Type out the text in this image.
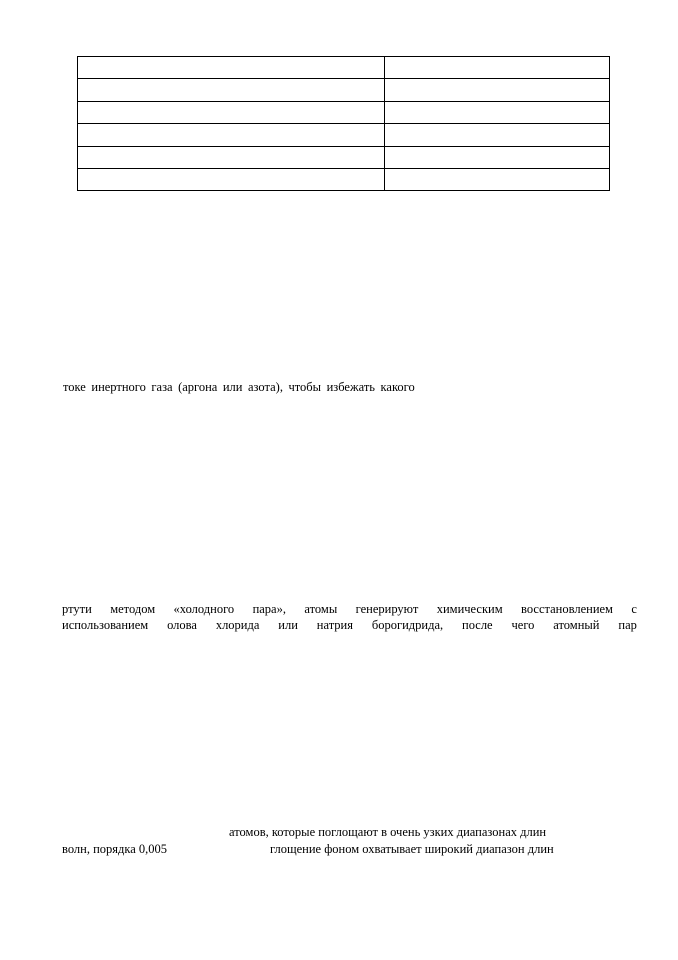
токе инертного газа (аргона или азота), чтобы избежать какого

ртути методом «холодного пара», атомы генерируют химическим восстановлением с

использованием олова хлорида или натрия борогидрида, после чего атомный пар

атомов, которые поглощают в очень узких диапазонах длин

волн, порядка 0,005	глощение фоном охватывает широкий диапазон длин
